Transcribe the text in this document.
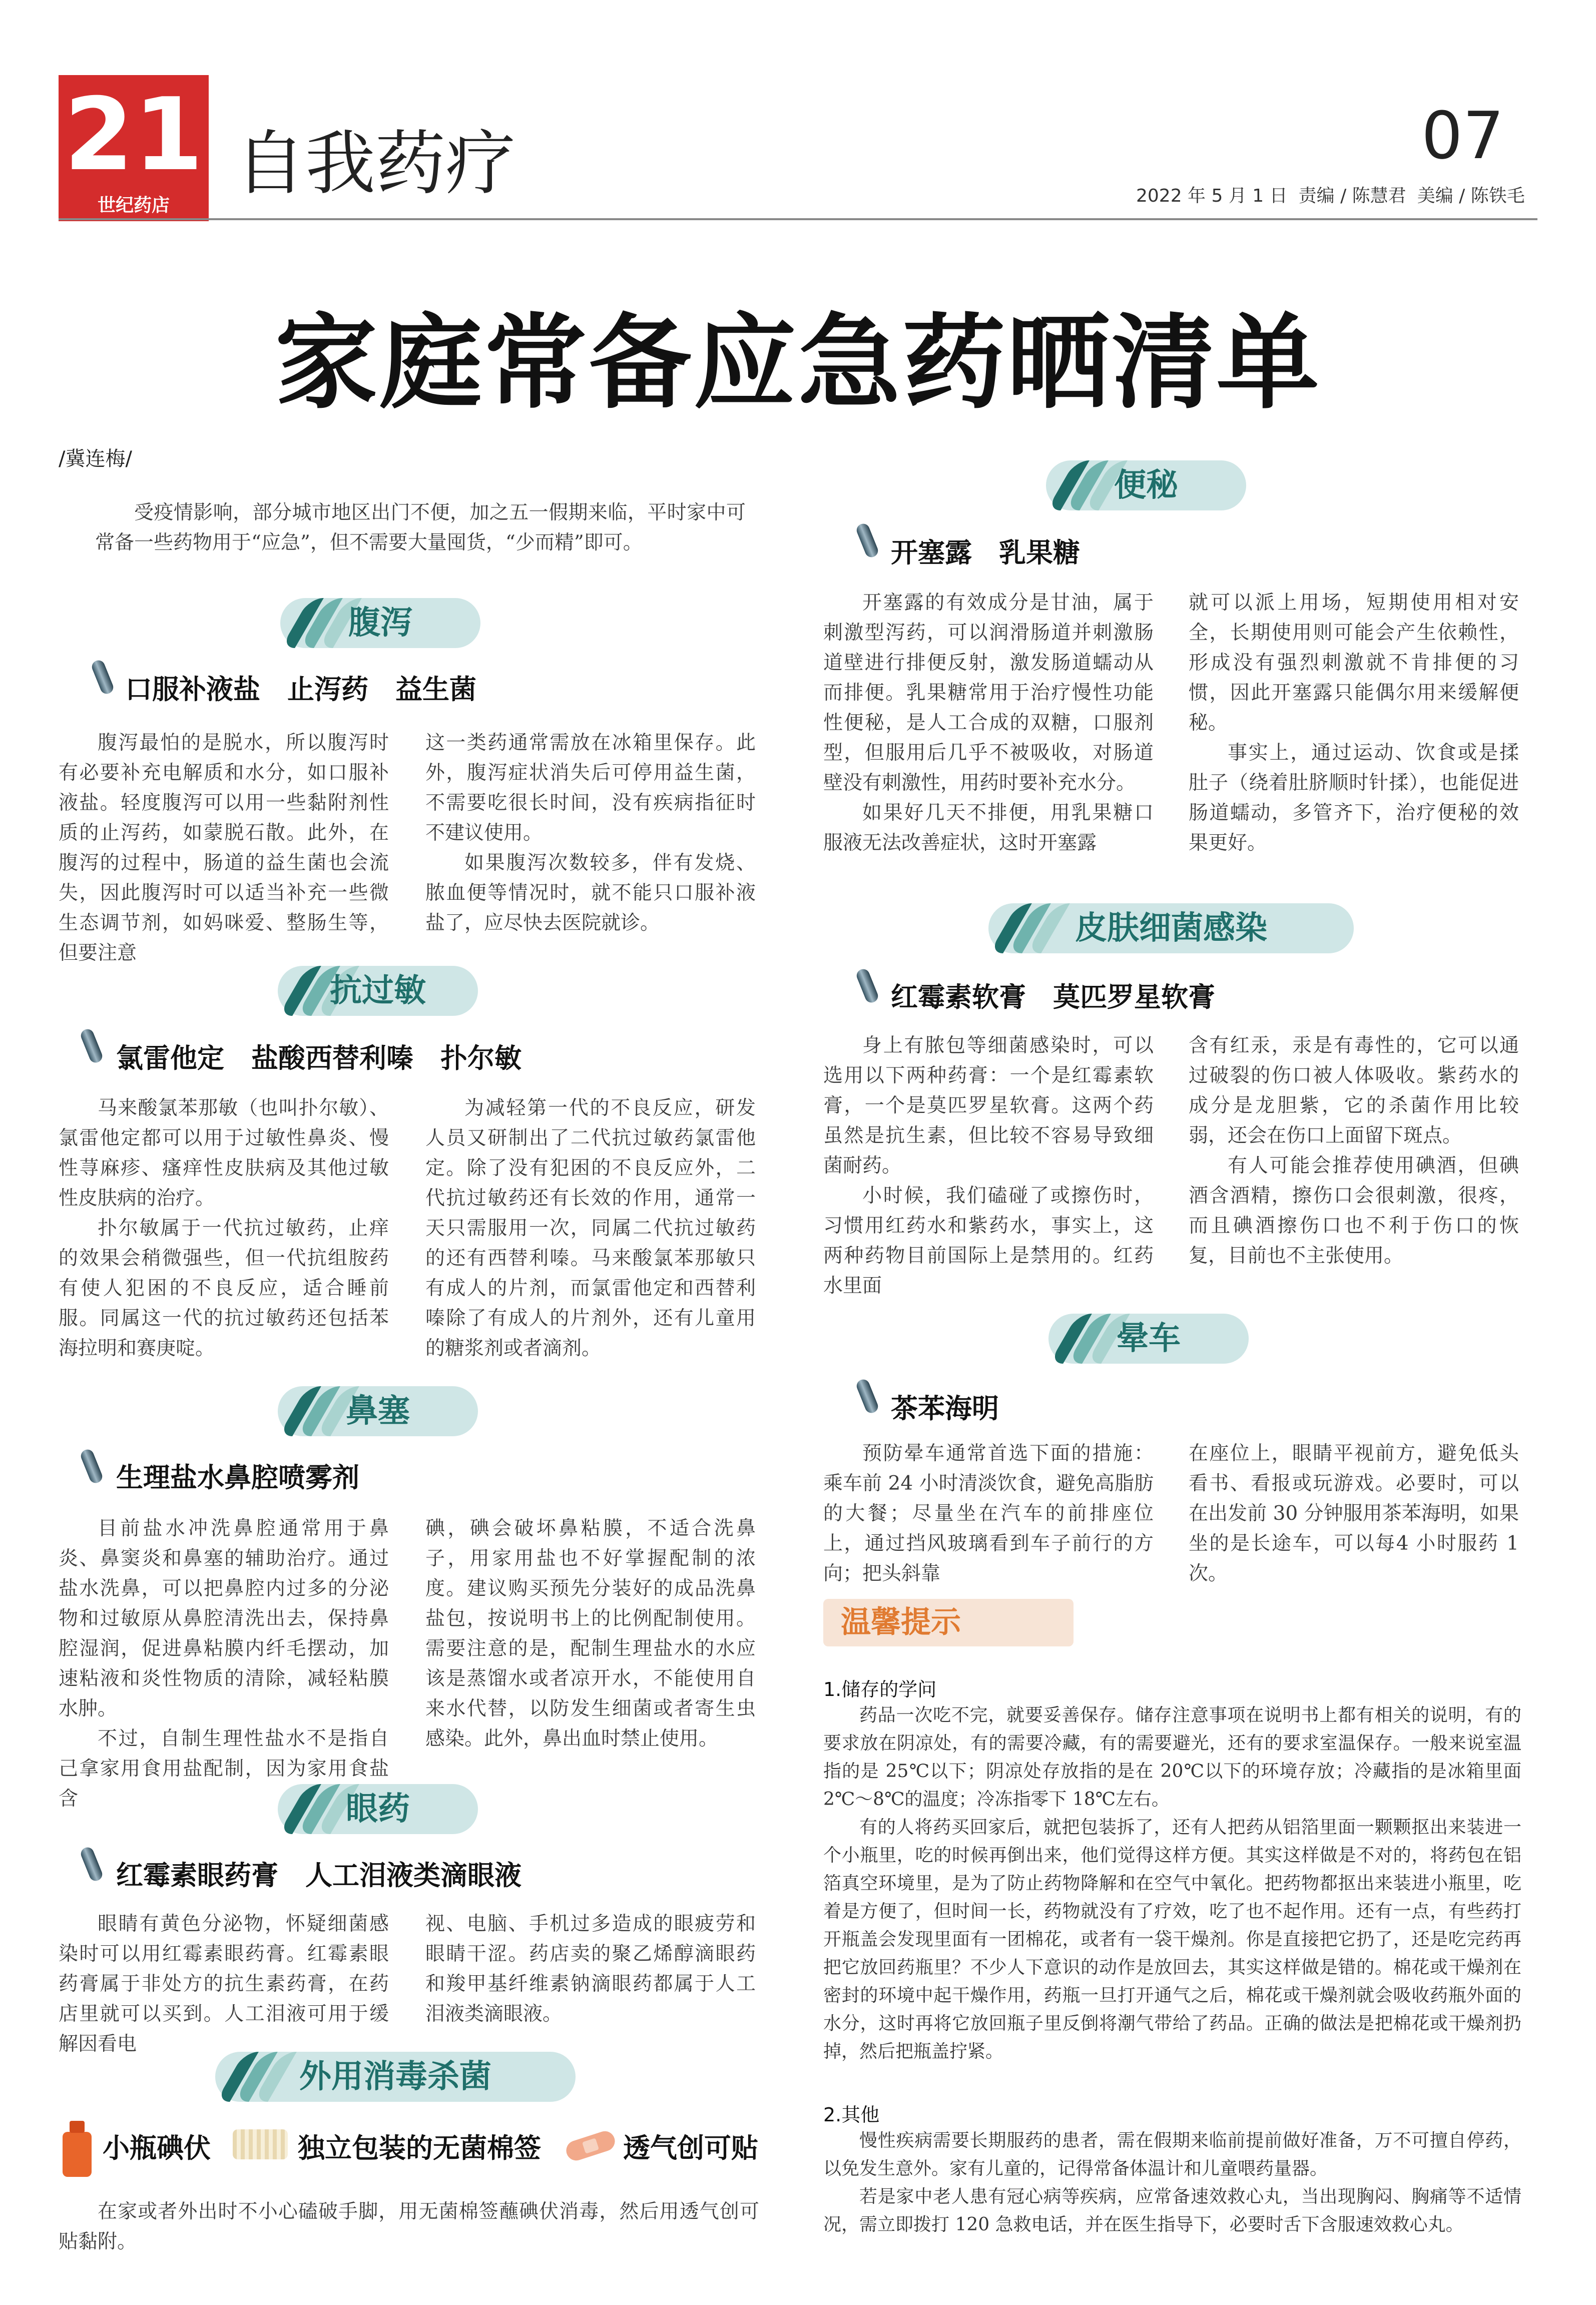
21
世纪药店
自我药疗	07
2022 年 5 月 1 日 责编 / 陈慧君 美编 / 陈铁毛
家庭常备应急药晒清单
/冀连梅/

受疫情影响，部分城市地区出门不便，加之五一假期来临，平时家中可常备一些药物用于“应急”，但不需要大量囤货，“少而精”即可。

腹泻
口服补液盐　止泻药　益生菌

腹泻最怕的是脱水，所以腹泻时有必要补充电解质和水分，如口服补液盐。轻度腹泻可以用一些黏附剂性质的止泻药，如蒙脱石散。此外，在腹泻的过程中，肠道的益生菌也会流失，因此腹泻时可以适当补充一些微生态调节剂，如妈咪爱、整肠生等，但要注意

这一类药通常需放在冰箱里保存。此外，腹泻症状消失后可停用益生菌，不需要吃很长时间，没有疾病指征时不建议使用。

如果腹泻次数较多，伴有发烧、脓血便等情况时，就不能只口服补液盐了，应尽快去医院就诊。

抗过敏
氯雷他定　盐酸西替利嗪　扑尔敏

马来酸氯苯那敏（也叫扑尔敏）、氯雷他定都可以用于过敏性鼻炎、慢性荨麻疹、瘙痒性皮肤病及其他过敏性皮肤病的治疗。

扑尔敏属于一代抗过敏药，止痒的效果会稍微强些，但一代抗组胺药有使人犯困的不良反应，适合睡前服。同属这一代的抗过敏药还包括苯海拉明和赛庚啶。

为减轻第一代的不良反应，研发人员又研制出了二代抗过敏药氯雷他定。除了没有犯困的不良反应外，二代抗过敏药还有长效的作用，通常一天只需服用一次，同属二代抗过敏药的还有西替利嗪。马来酸氯苯那敏只有成人的片剂，而氯雷他定和西替利嗪除了有成人的片剂外，还有儿童用的糖浆剂或者滴剂。

鼻塞
生理盐水鼻腔喷雾剂

目前盐水冲洗鼻腔通常用于鼻炎、鼻窦炎和鼻塞的辅助治疗。通过盐水洗鼻，可以把鼻腔内过多的分泌物和过敏原从鼻腔清洗出去，保持鼻腔湿润，促进鼻粘膜内纤毛摆动，加速粘液和炎性物质的清除，减轻粘膜水肿。

不过，自制生理性盐水不是指自己拿家用食用盐配制，因为家用食盐含

碘，碘会破坏鼻粘膜，不适合洗鼻子，用家用盐也不好掌握配制的浓度。建议购买预先分装好的成品洗鼻盐包，按说明书上的比例配制使用。需要注意的是，配制生理盐水的水应该是蒸馏水或者凉开水，不能使用自来水代替，以防发生细菌或者寄生虫感染。此外，鼻出血时禁止使用。

眼药
红霉素眼药膏　人工泪液类滴眼液

眼睛有黄色分泌物，怀疑细菌感染时可以用红霉素眼药膏。红霉素眼药膏属于非处方的抗生素药膏，在药店里就可以买到。人工泪液可用于缓解因看电

视、电脑、手机过多造成的眼疲劳和眼睛干涩。药店卖的聚乙烯醇滴眼药和羧甲基纤维素钠滴眼药都属于人工泪液类滴眼液。

外用消毒杀菌
小瓶碘伏	独立包装的无菌棉签	透气创可贴

在家或者外出时不小心磕破手脚，用无菌棉签蘸碘伏消毒，然后用透气创可贴黏附。

便秘
开塞露　乳果糖

开塞露的有效成分是甘油，属于刺激型泻药，可以润滑肠道并刺激肠道壁进行排便反射，激发肠道蠕动从而排便。乳果糖常用于治疗慢性功能性便秘，是人工合成的双糖，口服剂型，但服用后几乎不被吸收，对肠道壁没有刺激性，用药时要补充水分。

如果好几天不排便，用乳果糖口服液无法改善症状，这时开塞露

就可以派上用场，短期使用相对安全，长期使用则可能会产生依赖性，形成没有强烈刺激就不肯排便的习惯，因此开塞露只能偶尔用来缓解便秘。

事实上，通过运动、饮食或是揉肚子（绕着肚脐顺时针揉），也能促进肠道蠕动，多管齐下，治疗便秘的效果更好。

皮肤细菌感染
红霉素软膏　莫匹罗星软膏

身上有脓包等细菌感染时，可以选用以下两种药膏：一个是红霉素软膏，一个是莫匹罗星软膏。这两个药虽然是抗生素，但比较不容易导致细菌耐药。

小时候，我们磕碰了或擦伤时，习惯用红药水和紫药水，事实上，这两种药物目前国际上是禁用的。红药水里面

含有红汞，汞是有毒性的，它可以通过破裂的伤口被人体吸收。紫药水的成分是龙胆紫，它的杀菌作用比较弱，还会在伤口上面留下斑点。

有人可能会推荐使用碘酒，但碘酒含酒精，擦伤口会很刺激，很疼，而且碘酒擦伤口也不利于伤口的恢复，目前也不主张使用。

晕车
茶苯海明

预防晕车通常首选下面的措施：乘车前 24 小时清淡饮食，避免高脂肪的大餐；尽量坐在汽车的前排座位上，通过挡风玻璃看到车子前行的方向；把头斜靠

在座位上，眼睛平视前方，避免低头看书、看报或玩游戏。必要时，可以在出发前 30 分钟服用茶苯海明，如果坐的是长途车，可以每4 小时服药 1 次。

温馨提示
1.储存的学问

药品一次吃不完，就要妥善保存。储存注意事项在说明书上都有相关的说明，有的要求放在阴凉处，有的需要冷藏，有的需要避光，还有的要求室温保存。一般来说室温指的是 25℃以下；阴凉处存放指的是在 20℃以下的环境存放；冷藏指的是冰箱里面 2℃～8℃的温度；冷冻指零下 18℃左右。

有的人将药买回家后，就把包装拆了，还有人把药从铝箔里面一颗颗抠出来装进一个小瓶里，吃的时候再倒出来，他们觉得这样方便。其实这样做是不对的，将药包在铝箔真空环境里，是为了防止药物降解和在空气中氧化。把药物都抠出来装进小瓶里，吃着是方便了，但时间一长，药物就没有了疗效，吃了也不起作用。还有一点，有些药打开瓶盖会发现里面有一团棉花，或者有一袋干燥剂。你是直接把它扔了，还是吃完药再把它放回药瓶里？不少人下意识的动作是放回去，其实这样做是错的。棉花或干燥剂在密封的环境中起干燥作用，药瓶一旦打开通气之后，棉花或干燥剂就会吸收药瓶外面的水分，这时再将它放回瓶子里反倒将潮气带给了药品。正确的做法是把棉花或干燥剂扔掉，然后把瓶盖拧紧。

2.其他

慢性疾病需要长期服药的患者，需在假期来临前提前做好准备，万不可擅自停药，以免发生意外。家有儿童的，记得常备体温计和儿童喂药量器。

若是家中老人患有冠心病等疾病，应常备速效救心丸，当出现胸闷、胸痛等不适情况，需立即拨打 120 急救电话，并在医生指导下，必要时舌下含服速效救心丸。
